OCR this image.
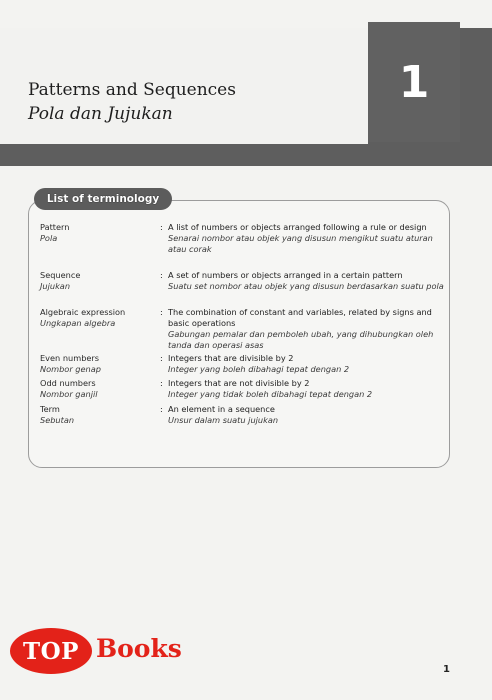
Patterns and Sequences
Pola dan Jujukan
1
List of terminology
Pattern
Pola
: A list of numbers or objects arranged following a rule or design
Senarai nombor atau objek yang disusun mengikut suatu aturan atau corak
Sequence
Jujukan
: A set of numbers or objects arranged in a certain pattern
Suatu set nombor atau objek yang disusun berdasarkan suatu pola
Algebraic expression
Ungkapan algebra
: The combination of constant and variables, related by signs and basic operations
Gabungan pemalar dan pemboleh ubah, yang dihubungkan oleh tanda dan operasi asas
Even numbers
Nombor genap
: Integers that are divisible by 2
Integer yang boleh dibahagi tepat dengan 2
Odd numbers
Nombor ganjil
: Integers that are not divisible by 2
Integer yang tidak boleh dibahagi tepat dengan 2
Term
Sebutan
: An element in a sequence
Unsur dalam suatu jujukan
TOP Books
1
